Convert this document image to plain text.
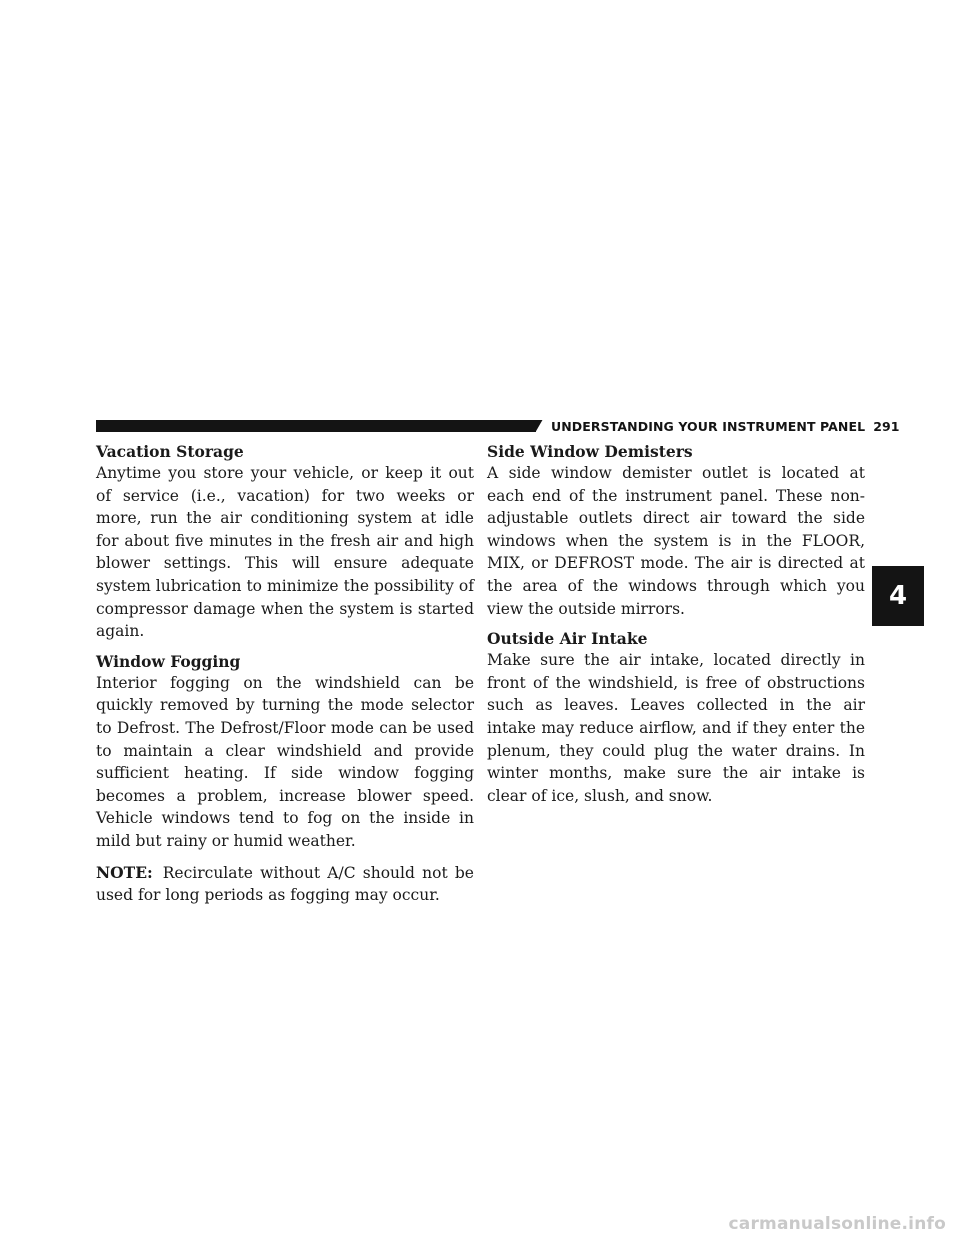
UNDERSTANDING YOUR INSTRUMENT PANEL 291
Vacation Storage

Anytime you store your vehicle, or keep it out of service (i.e., vacation) for two weeks or more, run the air conditioning system at idle for about five minutes in the fresh air and high blower settings. This will ensure adequate system lubrication to minimize the possibility of compressor damage when the system is started again.

Window Fogging

Interior fogging on the windshield can be quickly removed by turning the mode selector to Defrost. The Defrost/Floor mode can be used to maintain a clear windshield and provide sufficient heating. If side window fogging becomes a problem, increase blower speed. Vehicle windows tend to fog on the inside in mild but rainy or humid weather.

NOTE: Recirculate without A/C should not be used for long periods as fogging may occur.

Side Window Demisters

A side window demister outlet is located at each end of the instrument panel. These non-adjustable outlets direct air toward the side windows when the system is in the FLOOR, MIX, or DEFROST mode. The air is directed at the area of the windows through which you view the outside mirrors.

Outside Air Intake

Make sure the air intake, located directly in front of the windshield, is free of obstructions such as leaves. Leaves collected in the air intake may reduce airflow, and if they enter the plenum, they could plug the water drains. In winter months, make sure the air intake is clear of ice, slush, and snow.

4
carmanualsonline.info
